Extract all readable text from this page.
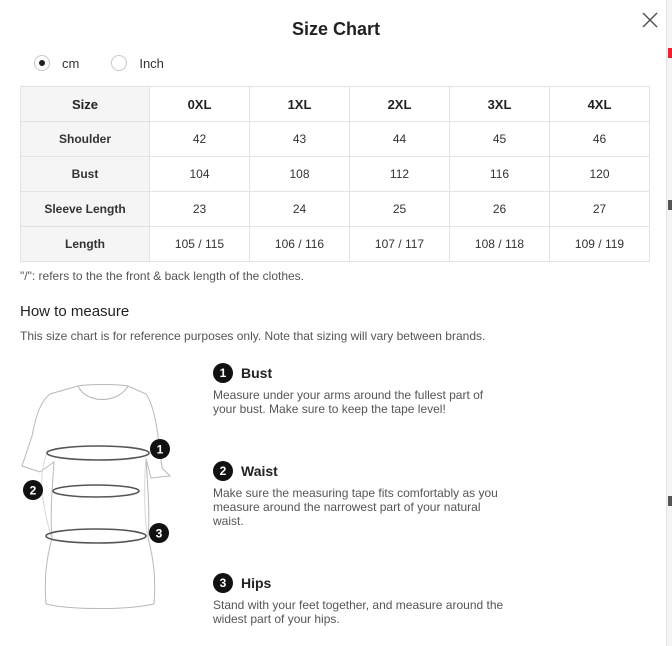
Size Chart
cm	Inch
Size	0XL	1XL	2XL	3XL	4XL
Shoulder	42	43	44	45	46
Bust	104	108	112	116	120
Sleeve Length	23	24	25	26	27
Length	105 / 115	106 / 116	107 / 117	108 / 118	109 / 119
"/": refers to the the front & back length of the clothes.
How to measure
This size chart is for reference purposes only. Note that sizing will vary between brands.
1
2
3
1	Bust
Measure under your arms around the fullest part of
your bust. Make sure to keep the tape level!
2	Waist
Make sure the measuring tape fits comfortably as you
measure around the narrowest part of your natural
waist.
3	Hips
Stand with your feet together, and measure around the
widest part of your hips.
